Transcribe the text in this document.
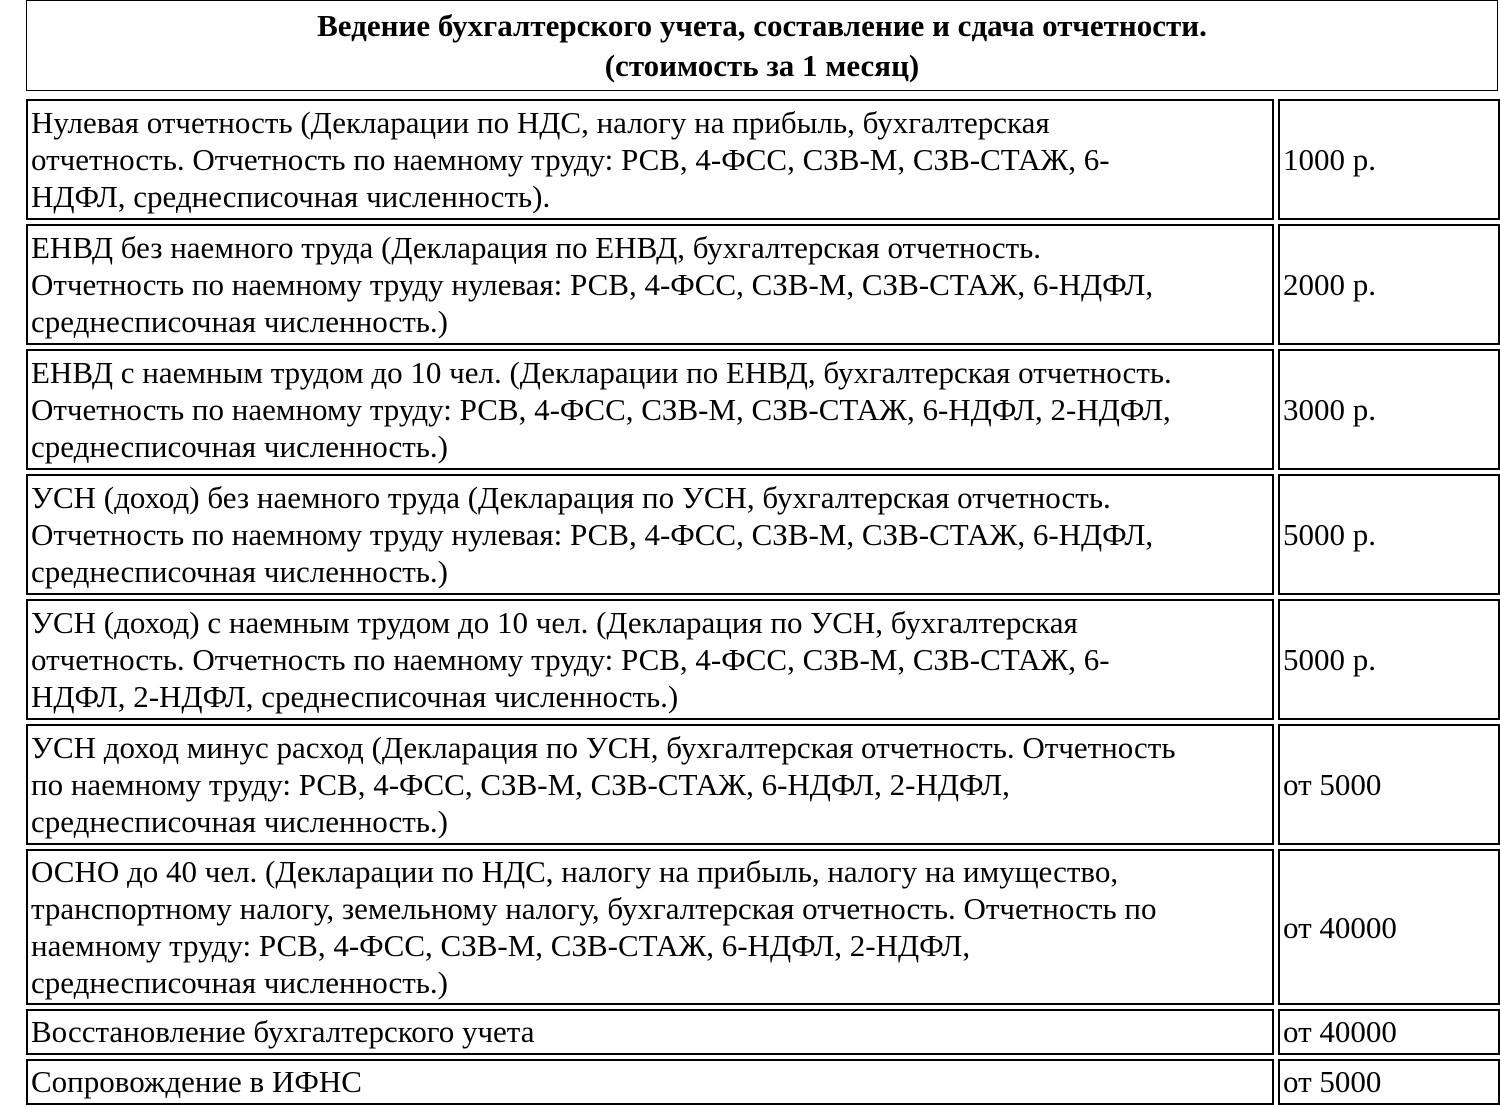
Ведение бухгалтерского учета, составление и сдача отчетности.
(стоимость за 1 месяц)
Нулевая отчетность (Декларации по НДС, налогу на прибыль, бухгалтерская
отчетность. Отчетность по наемному труду: РСВ, 4-ФСС, СЗВ-М, СЗВ-СТАЖ, 6-
НДФЛ, среднесписочная численность).		1000 р.

ЕНВД без наемного труда (Декларация по ЕНВД, бухгалтерская отчетность.
Отчетность по наемному труду нулевая: РСВ, 4-ФСС, СЗВ-М, СЗВ-СТАЖ, 6-НДФЛ,
среднесписочная численность.)		2000 р.

ЕНВД с наемным трудом до 10 чел. (Декларации по ЕНВД, бухгалтерская отчетность.
Отчетность по наемному труду: РСВ, 4-ФСС, СЗВ-М, СЗВ-СТАЖ, 6-НДФЛ, 2-НДФЛ,
среднесписочная численность.)		3000 р.

УСН (доход) без наемного труда (Декларация по УСН, бухгалтерская отчетность.
Отчетность по наемному труду нулевая: РСВ, 4-ФСС, СЗВ-М, СЗВ-СТАЖ, 6-НДФЛ,
среднесписочная численность.)		5000 р.

УСН (доход) с наемным трудом до 10 чел. (Декларация по УСН, бухгалтерская
отчетность. Отчетность по наемному труду: РСВ, 4-ФСС, СЗВ-М, СЗВ-СТАЖ, 6-
НДФЛ, 2-НДФЛ, среднесписочная численность.)		5000 р.

УСН доход минус расход (Декларация по УСН, бухгалтерская отчетность. Отчетность
по наемному труду: РСВ, 4-ФСС, СЗВ-М, СЗВ-СТАЖ, 6-НДФЛ, 2-НДФЛ,
среднесписочная численность.)		от 5000

ОСНО до 40 чел. (Декларации по НДС, налогу на прибыль, налогу на имущество,
транспортному налогу, земельному налогу, бухгалтерская отчетность. Отчетность по
наемному труду: РСВ, 4-ФСС, СЗВ-М, СЗВ-СТАЖ, 6-НДФЛ, 2-НДФЛ,
среднесписочная численность.)		от 40000

Восстановление бухгалтерского учета		от 40000

Сопровождение в ИФНС		от 5000
